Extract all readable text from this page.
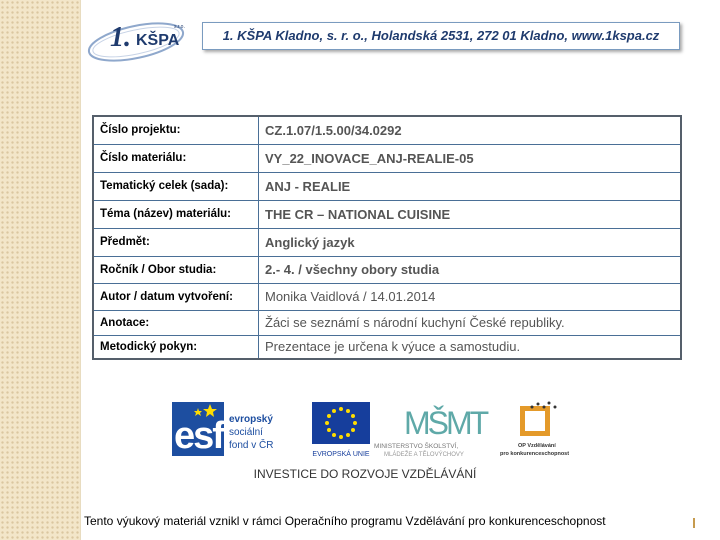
1. KŠPA
s.r.o.
1. KŠPA Kladno, s. r. o., Holandská 2531, 272 01 Kladno, www.1kspa.cz
Číslo projektu:	CZ.1.07/1.5.00/34.0292
Číslo materiálu:	VY_22_INOVACE_ANJ-REALIE-05
Tematický celek (sada):	ANJ - REALIE
Téma (název) materiálu:	THE CR – NATIONAL CUISINE
Předmět:	Anglický jazyk
Ročník / Obor studia:	2.- 4. / všechny obory studia
Autor / datum vytvoření:	Monika Vaidlová / 14.01.2014
Anotace:	Žáci se seznámí s národní kuchyní České republiky.
Metodický pokyn:	Prezentace je určena k výuce a samostudiu.
esf evropský
sociální
fond v ČR
EVROPSKÁ UNIE
MŠMT
MINISTERSTVO ŠKOLSTVÍ,
MLÁDEŽE A TĚLOVÝCHOVY
OP Vzdělávání
pro konkurenceschopnost
INVESTICE DO ROZVOJE VZDĚLÁVÁNÍ
Tento výukový materiál vznikl v rámci Operačního programu Vzdělávání pro konkurenceschopnost
